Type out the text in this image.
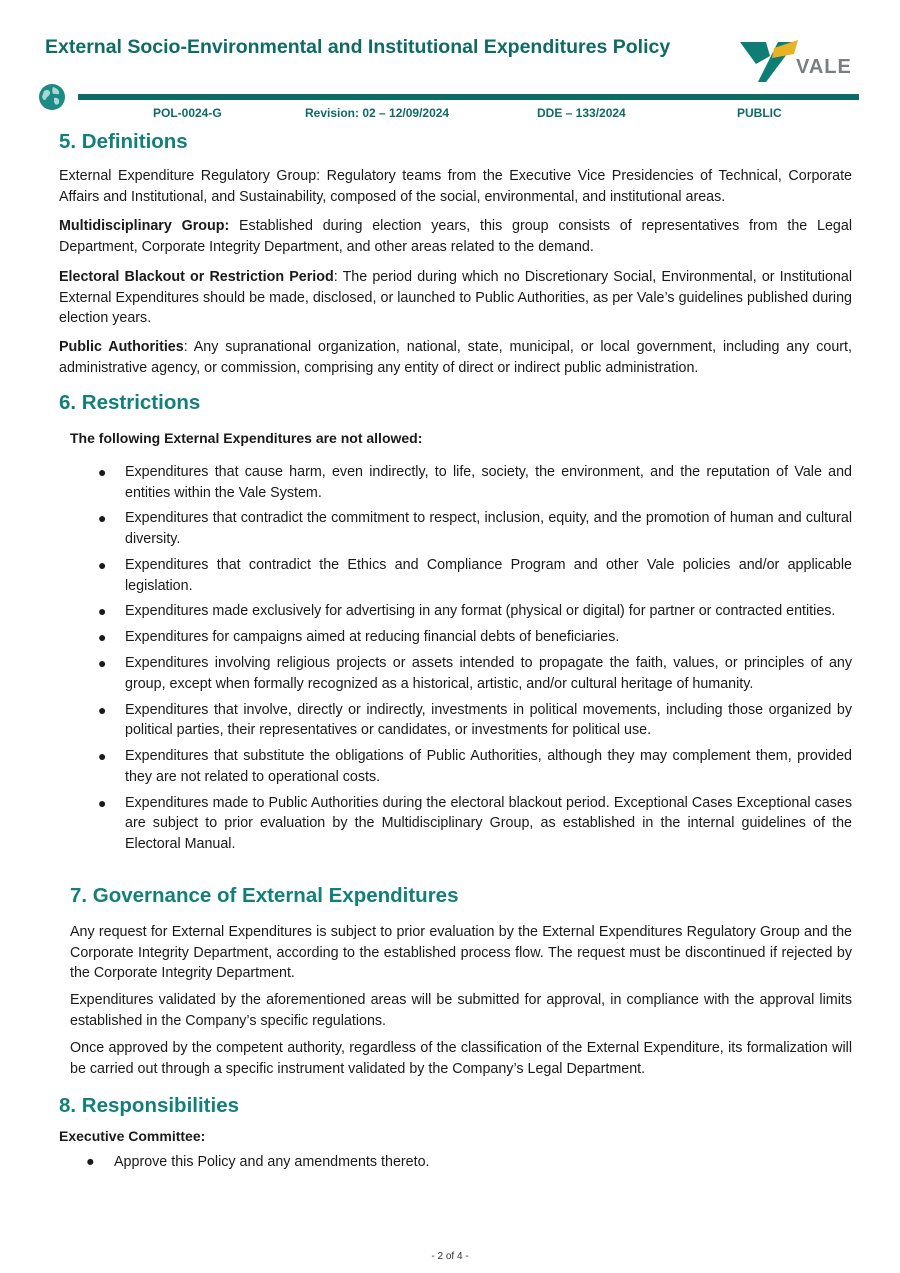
External Socio-Environmental and Institutional Expenditures Policy
VALE
POL-0024-G	Revision: 02 – 12/09/2024	DDE – 133/2024	PUBLIC
5. Definitions
External Expenditure Regulatory Group: Regulatory teams from the Executive Vice Presidencies of Technical, Corporate Affairs and Institutional, and Sustainability, composed of the social, environmental, and institutional areas.
Multidisciplinary Group: Established during election years, this group consists of representatives from the Legal Department, Corporate Integrity Department, and other areas related to the demand.
Electoral Blackout or Restriction Period: The period during which no Discretionary Social, Environmental, or Institutional External Expenditures should be made, disclosed, or launched to Public Authorities, as per Vale’s guidelines published during election years.
Public Authorities: Any supranational organization, national, state, municipal, or local government, including any court, administrative agency, or commission, comprising any entity of direct or indirect public administration.
6. Restrictions
The following External Expenditures are not allowed:
● Expenditures that cause harm, even indirectly, to life, society, the environment, and the reputation of Vale and entities within the Vale System.
● Expenditures that contradict the commitment to respect, inclusion, equity, and the promotion of human and cultural diversity.
● Expenditures that contradict the Ethics and Compliance Program and other Vale policies and/or applicable legislation.
● Expenditures made exclusively for advertising in any format (physical or digital) for partner or contracted entities.
● Expenditures for campaigns aimed at reducing financial debts of beneficiaries.
● Expenditures involving religious projects or assets intended to propagate the faith, values, or principles of any group, except when formally recognized as a historical, artistic, and/or cultural heritage of humanity.
● Expenditures that involve, directly or indirectly, investments in political movements, including those organized by political parties, their representatives or candidates, or investments for political use.
● Expenditures that substitute the obligations of Public Authorities, although they may complement them, provided they are not related to operational costs.
● Expenditures made to Public Authorities during the electoral blackout period. Exceptional Cases Exceptional cases are subject to prior evaluation by the Multidisciplinary Group, as established in the internal guidelines of the Electoral Manual.
7. Governance of External Expenditures
Any request for External Expenditures is subject to prior evaluation by the External Expenditures Regulatory Group and the Corporate Integrity Department, according to the established process flow. The request must be discontinued if rejected by the Corporate Integrity Department.
Expenditures validated by the aforementioned areas will be submitted for approval, in compliance with the approval limits established in the Company’s specific regulations.
Once approved by the competent authority, regardless of the classification of the External Expenditure, its formalization will be carried out through a specific instrument validated by the Company’s Legal Department.
8. Responsibilities
Executive Committee:
● Approve this Policy and any amendments thereto.
- 2 of 4 -
